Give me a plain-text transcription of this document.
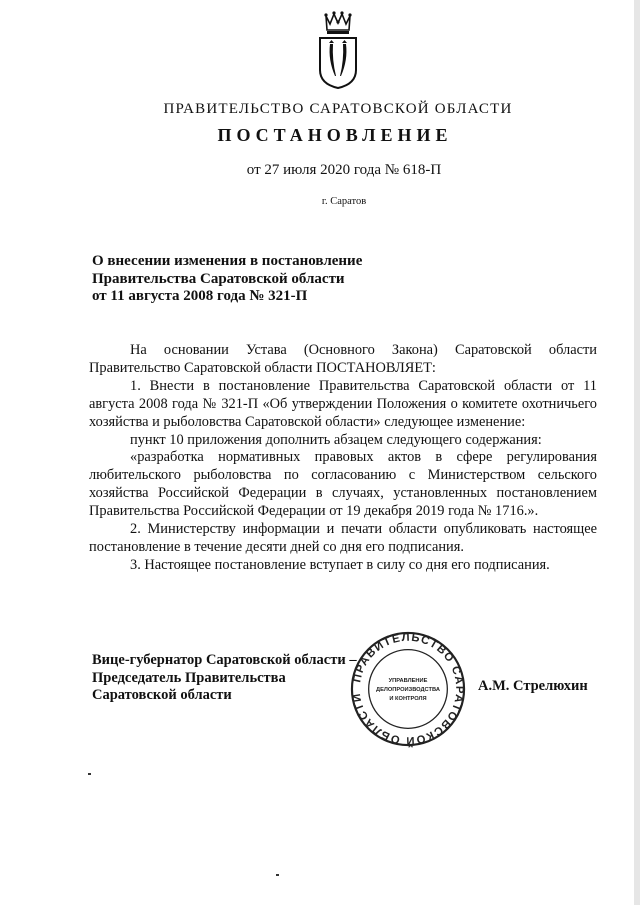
ПРАВИТЕЛЬСТВО САРАТОВСКОЙ ОБЛАСТИ
ПОСТАНОВЛЕНИЕ
от 27 июля 2020 года № 618-П
г. Саратов
О внесении изменения в постановление
Правительства Саратовской области
от 11 августа 2008 года № 321-П

На основании Устава (Основного Закона) Саратовской области Правительство Саратовской области ПОСТАНОВЛЯЕТ:

1. Внести в постановление Правительства Саратовской области от 11 августа 2008 года № 321-П «Об утверждении Положения о комитете охотничьего хозяйства и рыболовства Саратовской области» следующее изменение:

пункт 10 приложения дополнить абзацем следующего содержания:

«разработка нормативных правовых актов в сфере регулирования любительского рыболовства по согласованию с Министерством сельского хозяйства Российской Федерации в случаях, установленных постановлением Правительства Российской Федерации от 19 декабря 2019 года № 1716.».

2. Министерству информации и печати области опубликовать настоящее постановление в течение десяти дней со дня его подписания.

3. Настоящее постановление вступает в силу со дня его подписания.

Вице-губернатор Саратовской области –
Председатель Правительства
Саратовской области
ПРАВИТЕЛЬСТВО САРАТОВСКОЙ ОБЛАСТИ
УПРАВЛЕНИЕ
ДЕЛОПРОИЗВОДСТВА
И КОНТРОЛЯ
А.М. Стрелюхин
